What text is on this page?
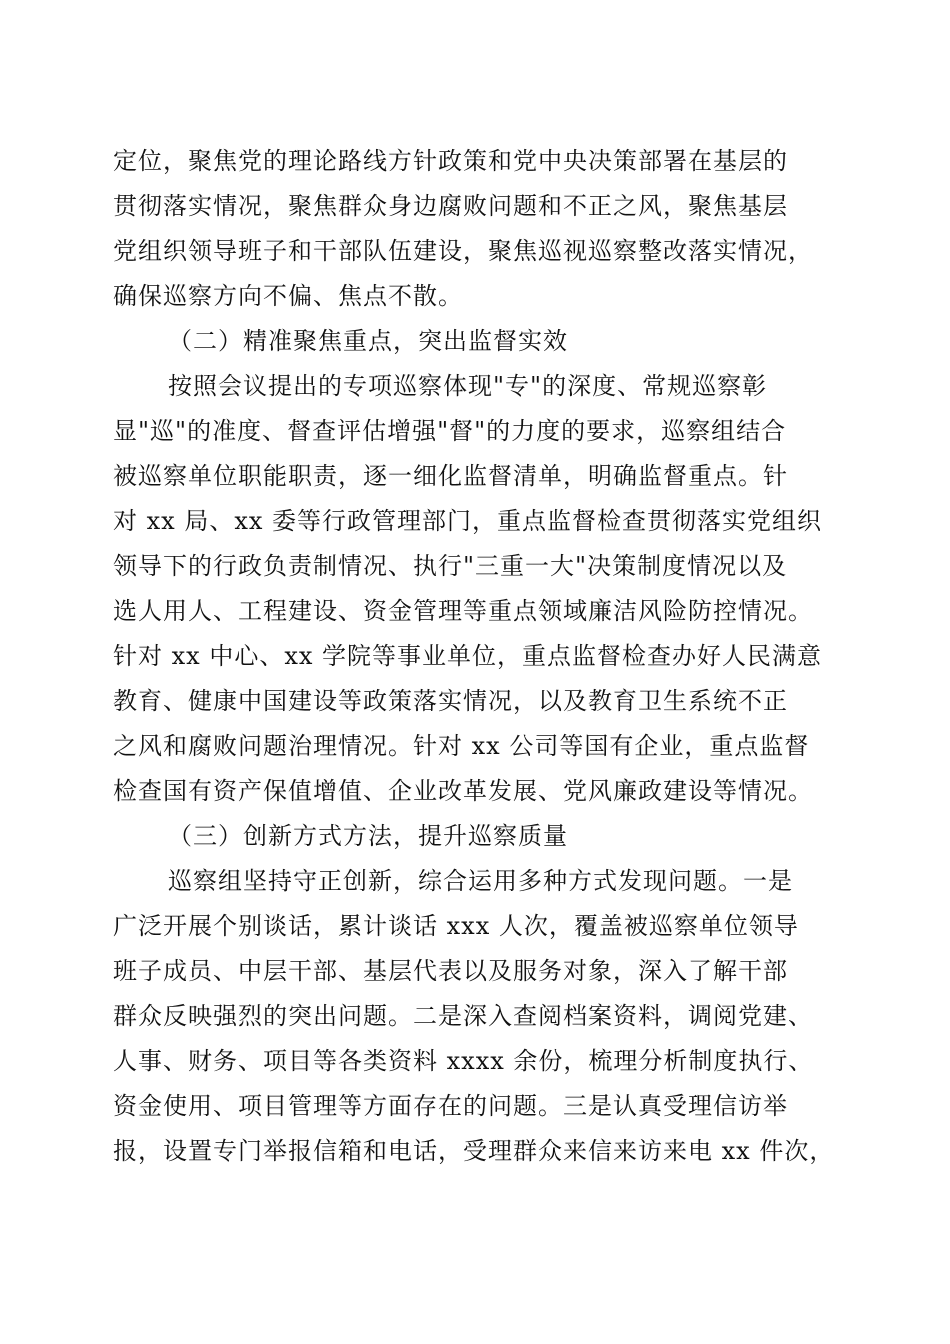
定位，聚焦党的理论路线方针政策和党中央决策部署在基层的
贯彻落实情况，聚焦群众身边腐败问题和不正之风，聚焦基层
党组织领导班子和干部队伍建设，聚焦巡视巡察整改落实情况，
确保巡察方向不偏、焦点不散。
（二）精准聚焦重点，突出监督实效
按照会议提出的专项巡察体现"专"的深度、常规巡察彰
显"巡"的准度、督查评估增强"督"的力度的要求，巡察组结合
被巡察单位职能职责，逐一细化监督清单，明确监督重点。针
对 xx 局、xx 委等行政管理部门，重点监督检查贯彻落实党组织
领导下的行政负责制情况、执行"三重一大"决策制度情况以及
选人用人、工程建设、资金管理等重点领域廉洁风险防控情况。
针对 xx 中心、xx 学院等事业单位，重点监督检查办好人民满意
教育、健康中国建设等政策落实情况，以及教育卫生系统不正
之风和腐败问题治理情况。针对 xx 公司等国有企业，重点监督
检查国有资产保值增值、企业改革发展、党风廉政建设等情况。
（三）创新方式方法，提升巡察质量
巡察组坚持守正创新，综合运用多种方式发现问题。一是
广泛开展个别谈话，累计谈话 xxx 人次，覆盖被巡察单位领导
班子成员、中层干部、基层代表以及服务对象，深入了解干部
群众反映强烈的突出问题。二是深入查阅档案资料，调阅党建、
人事、财务、项目等各类资料 xxxx 余份，梳理分析制度执行、
资金使用、项目管理等方面存在的问题。三是认真受理信访举
报，设置专门举报信箱和电话，受理群众来信来访来电 xx 件次，
